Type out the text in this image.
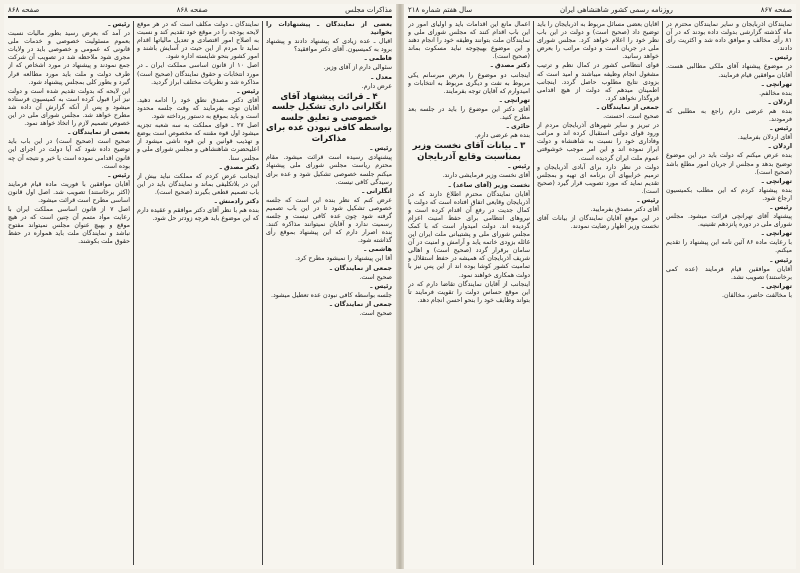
مذاکرات مجلس
صفحه ۸۶۸
صفحه ۸۶۸

رئیس ـ

در آمد که بعرض رسید بطور مالیات نسبت بعموم مسئولیت خصوصی و خدمات ملی قانونی که عمومی و خصوصی باید در ولایات مجری شود ملاحظه شد در تصویب آن شرکت جمع نمودند و پیشنهاد در مورد اشخاص که از طرف دولت و ملت باید مورد مطالعه قرار گیرد و بطور کلی بمجلس پیشنهاد شود.

این لایحه که بدولت تقدیم شده است و دولت نیز آنرا قبول کرده است به کمیسیون فرستاده میشود و پس از آنکه گزارش آن داده شد مطرح خواهد شد. مجلس شورای ملی در این خصوص تصمیم لازم را اتخاذ خواهد نمود.

بعضی از نمایندگان ـ

صحیح است (صحیح است) در این باب باید توضیح داده شود که آیا دولت در اجرای این قانون اقدامی نموده است یا خیر و نتیجه آن چه بوده است.

رئیس ـ

آقایان موافقین با فوریت ماده قیام فرمایند (اکثر برخاستند) تصویب شد. اصل اول قانون اساسی مطرح است قرائت میشود.

اصل ۷ از قانون اساسی مملکت ایران با رعایت مواد متمم آن چنین است که در هیچ موقع و بهیچ عنوان مجلس نمیتواند مفتوح نباشد و نمایندگان ملت باید همواره در حفظ حقوق ملت بکوشند.

نمایندگان ـ دولت مکلف است که در هر موقع لایحه بودجه را در موقع خود تقدیم کند و نسبت به اصلاح امور اقتصادی و تعدیل مالیاتها اقدام نماید تا مردم از این حیث در آسایش باشند و امور کشور بنحو شایسته اداره شود.

اصل ۱۰ از قانون اساسی مملکت ایران ـ در مورد انتخابات و حقوق نمایندگان (صحیح است) مذاکره شد و نظریات مختلف ابراز گردید.

رئیس ـ

آقای دکتر مصدق نطق خود را ادامه دهید. آقایان توجه بفرمایند که وقت جلسه محدود است و باید بموقع به دستور پرداخته شود.

اصل ۲۷ ـ قوای مملکت به سه شعبه تجزیه میشود اول قوه مقننه که مخصوص است بوضع و تهذیب قوانین و این قوه ناشی میشود از اعلیحضرت شاهنشاهی و مجلس شورای ملی و مجلس سنا.

دکتر مصدق ـ

اینجانب عرض کردم که مملکت نباید بیش از این در بلاتکلیفی بماند و نمایندگان باید در این باب تصمیم قطعی بگیرند (صحیح است).

دکتر رادمنش ـ

بنده هم با نظر آقای دکتر موافقم و عقیده دارم که این موضوع باید هرچه زودتر حل شود.

بعضی از نمایندگان ـ پیشنهادات را بخوانید

اقبال ـ عده زیادی که پیشنهاد دادند و پیشنهاد برود به کمیسیون. آقای دکتر موافقید؟

فاطمی ـ

سئوالی دارم از آقای وزیر.

معدل ـ

عرض دارم.

۴ ـ قرائت پیشنهاد آقای انگلرانی داری تشکیل جلسه خصوصی و تعلیق جلسه بواسطه کافی نبودن عده برای مذاکرات

رئیس ـ

پیشنهادی رسیده است قرائت میشود. مقام محترم ریاست مجلس شورای ملی پیشنهاد میکنم جلسه خصوصی تشکیل شود و عده برای رسیدگی کافی نیست.

انگلرانی ـ

عرض کنم که نظر بنده این است که جلسه خصوصی تشکیل شود تا در این باب تصمیم گرفته شود چون عده کافی نیست و جلسه رسمیت ندارد و آقایان نمیتوانند مذاکره کنند. بنده اصرار دارم که این پیشنهاد بموقع رأی گذاشته شود.

هاشمی ـ

آقا این پیشنهاد را نمیشود مطرح کرد.

جمعی از نمایندگان ـ

صحیح است.

رئیس ـ

جلسه بواسطه کافی نبودن عده تعطیل میشود.

جمعی از نمایندگان ـ

صحیح است.

صفحه ۸۶۷
روزنامه رسمی کشور شاهنشاهی ایران
سال هفتم شماره ۲۱۸

اعمال مانع این اقدامات باید و اولیای امور در این باب اقدام کنند که مجلس شورای ملی و نمایندگان ملت بتوانند وظیفه خود را انجام دهند و این موضوع بهیچوجه نباید مسکوت بماند (صحیح است).

دکتر مصدق ـ

اینجانب دو موضوع را بعرض میرسانم یکی مربوط به نفت و دیگری مربوط به انتخابات و امیدوارم که آقایان توجه بفرمایند.

تهرانچی ـ

آقای دکتر این موضوع را باید در جلسه بعد مطرح کنید.

حائری ـ

بنده هم عرضی دارم.

۳ ـ بیانات آقای نخست وزیر بمناسبت وقایع آذربایجان

رئیس ـ

آقای نخست وزیر فرمایشی دارند.

نخست وزیر (آقای ساعد) ـ

آقایان نمایندگان محترم اطلاع دارند که در آذربایجان وقایعی اتفاق افتاده است که دولت با کمال جدیت در رفع آن اقدام کرده است و نیروهای انتظامی برای حفظ امنیت اعزام گردیده اند. دولت امیدوار است که با کمک مجلس شورای ملی و پشتیبانی ملت ایران این غائله بزودی خاتمه یابد و آرامش و امنیت در آن سامان برقرار گردد (صحیح است) و اهالی شریف آذربایجان که همیشه در حفظ استقلال و تمامیت کشور کوشا بوده اند از این پس نیز با دولت همکاری خواهند نمود.

اینجانب از آقایان نمایندگان تقاضا دارم که در این موقع حساس دولت را تقویت فرمایند تا بتواند وظایف خود را بنحو احسن انجام دهد.

آقایان بعضی مسائل مربوط به آذربایجان را باید توضیح داد (صحیح است) و دولت در این باب نظر خود را اعلام خواهد کرد. مجلس شورای ملی در جریان است و دولت مراتب را بعرض خواهد رسانید.

قوای انتظامی کشور در کمال نظم و ترتیب مشغول انجام وظیفه میباشند و امید است که بزودی نتایج مطلوب حاصل گردد. اینجانب اطمینان میدهم که دولت از هیچ اقدامی فروگذار نخواهد کرد.

جمعی از نمایندگان ـ

صحیح است. احسنت.

در تبریز و سایر شهرهای آذربایجان مردم از ورود قوای دولتی استقبال کرده اند و مراتب وفاداری خود را نسبت به شاهنشاه و دولت ابراز نموده اند و این امر موجب خوشوقتی عموم ملت ایران گردیده است.

دولت در نظر دارد برای آبادی آذربایجان و ترمیم خرابیهای آن برنامه ای تهیه و بمجلس تقدیم نماید که مورد تصویب قرار گیرد (صحیح است).

رئیس ـ

آقای دکتر مصدق بفرمایید.

در این موقع آقایان نمایندگان از بیانات آقای نخست وزیر اظهار رضایت نمودند.

نمایندگان آذربایجان و سایر نمایندگان محترم در ماه گذشته گزارشی بدولت داده بودند که در آن ۸۱ رأی مخالف و موافق داده شد و اکثریت رأی دادند.

رئیس ـ

در موضوع پیشنهاد آقای ملکی مطالبی هست. آقایان موافقین قیام فرمایند.

تهرانچی ـ

بنده مخالفم.

اردلان ـ

بنده هم عرضی دارم راجع به مطلبی که فرمودند.

رئیس ـ

آقای اردلان بفرمایید.

اردلان ـ

بنده عرض میکنم که دولت باید در این موضوع توضیح بدهد و مجلس از جریان امور مطلع باشد (صحیح است).

تهرانچی ـ

بنده پیشنهاد کردم که این مطلب بکمیسیون ارجاع شود.

رئیس ـ

پیشنهاد آقای تهرانچی قرائت میشود. مجلس شورای ملی در دوره پانزدهم تقنینیه.

تهرانچی ـ

با رعایت ماده ۸۶ آئین نامه این پیشنهاد را تقدیم میکنم.

رئیس ـ

آقایان موافقین قیام فرمایند (عده کمی برخاستند) تصویب نشد.

تهرانچی ـ

با مخالفت حاضر، مخالفان.
